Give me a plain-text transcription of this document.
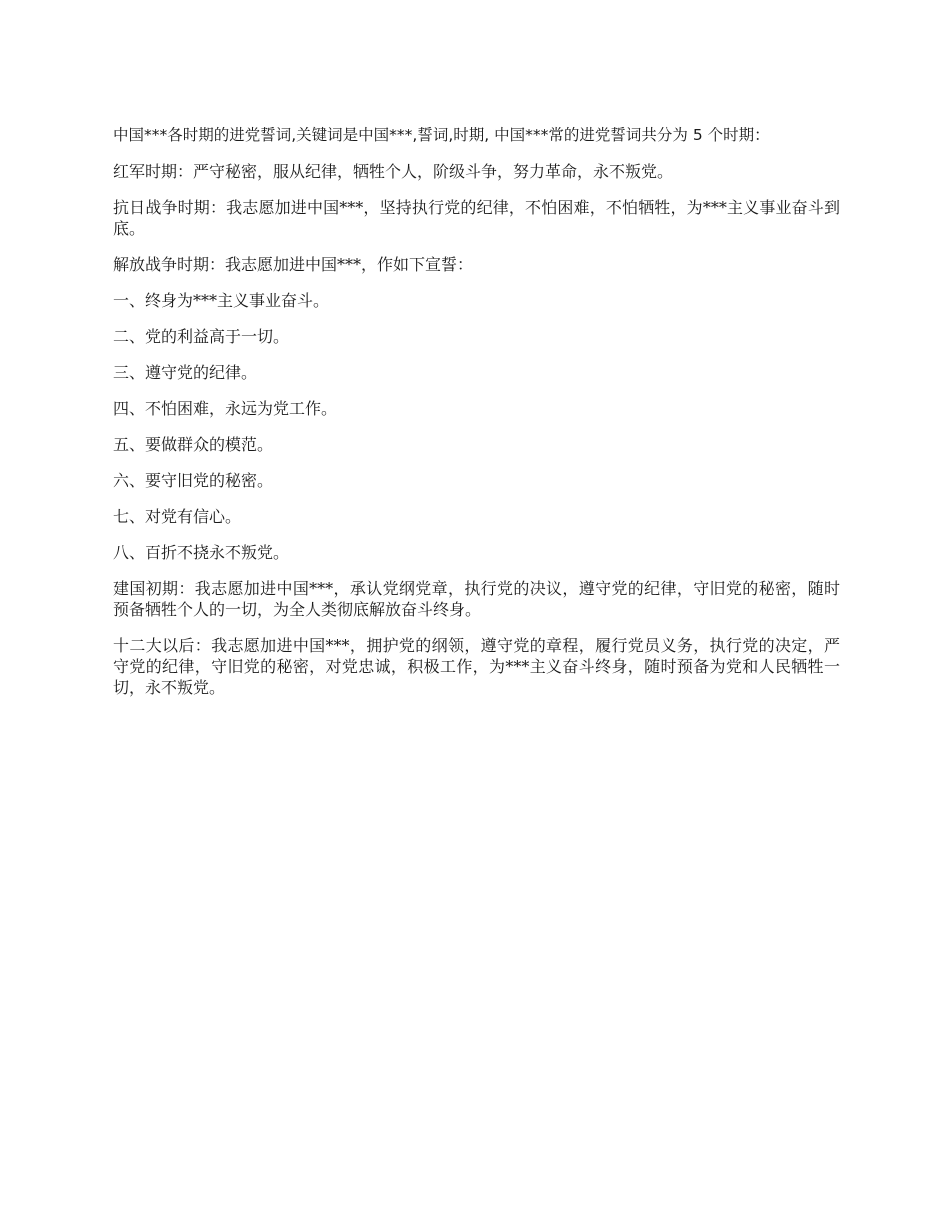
中国***各时期的进党誓词,关键词是中国***,誓词,时期, 中国***常的进党誓词共分为 5 个时期：

红军时期：严守秘密，服从纪律，牺牲个人，阶级斗争，努力革命，永不叛党。

抗日战争时期：我志愿加进中国***，坚持执行党的纪律，不怕困难，不怕牺牲，为***主义事业奋斗到底。

解放战争时期：我志愿加进中国***，作如下宣誓：

一、终身为***主义事业奋斗。

二、党的利益高于一切。

三、遵守党的纪律。

四、不怕困难，永远为党工作。

五、要做群众的模范。

六、要守旧党的秘密。

七、对党有信心。

八、百折不挠永不叛党。

建国初期：我志愿加进中国***，承认党纲党章，执行党的决议，遵守党的纪律，守旧党的秘密，随时预备牺牲个人的一切，为全人类彻底解放奋斗终身。

十二大以后：我志愿加进中国***，拥护党的纲领，遵守党的章程，履行党员义务，执行党的决定，严守党的纪律，守旧党的秘密，对党忠诚，积极工作，为***主义奋斗终身，随时预备为党和人民牺牲一切，永不叛党。
